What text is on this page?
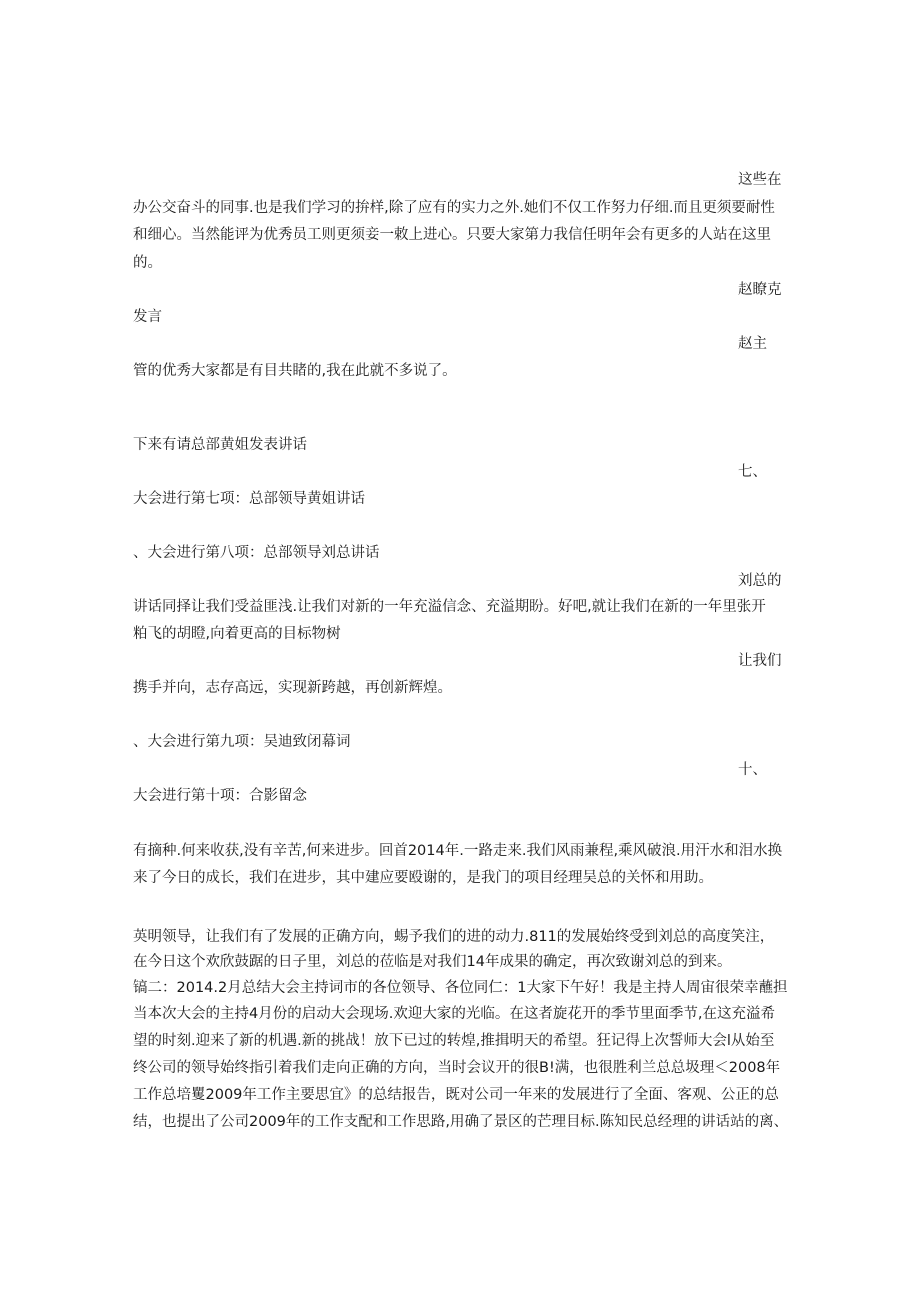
这些在
办公交奋斗的同事.也是我们学习的拚样,除了应有的实力之外.她们不仅工作努力仔细.而且更须要耐性
和细心。当然能评为优秀员工则更须妾一敕上进心。只要大家第力我信任明年会有更多的人站在这里
的。
赵瞭克
发言
赵主
管的优秀大家都是有目共睹的,我在此就不多说了。
下来有请总部黄姐发表讲话
七、
大会进行第七项：总部领导黄姐讲话
、大会进行第八项：总部领导刘总讲话
刘总的
讲话同择让我们受益匪浅.让我们对新的一年充溢信念、充溢期盼。好吧,就让我们在新的一年里张开
粕飞的胡瞪,向着更高的目标物树
让我们
携手并向，志存高远，实现新跨越，再创新辉煌。
、大会进行第九项：吴迪致闭幕词
十、
大会进行第十项：合影留念
有摘种.何来收获,没有辛苦,何来进步。回首2014年.一路走来.我们风雨兼程,乘风破浪.用汗水和泪水换
来了今日的成长，我们在进步，其中建应要殴谢的，是我门的项目经理吴总的关怀和用助。
英明领导，让我们有了发展的正确方向，蜴予我们的进的动力.811的发展始终受到刘总的高度笑注，
在今日这个欢欣鼓踞的日子里，刘总的莅临是对我们14年成果的确定，再次致谢刘总的到来。
镐二：2014.2月总结大会主持词市的各位领导、各位同仁：1大家下午好！我是主持人周宙很荣幸蘸担
当本次大会的主持4月份的启动大会现场.欢迎大家的光临。在这者旋花开的季节里面季节,在这充溢希
望的时刻.迎来了新的机遇.新的挑战！放下已过的转煌,推揖明天的希望。狂记得上次誓师大会l从始至
终公司的领导始终指引着我们走向正确的方向，当时会议开的很B!满，也很胜利兰总总圾理＜2008年
工作总培矍2009年工作主要思宜》的总结报告，既对公司一年来的发展进行了全面、客观、公正的总
结，也提出了公司2009年的工作支配和工作思路,用确了景区的芒理目标.陈知民总经理的讲话站的离、
